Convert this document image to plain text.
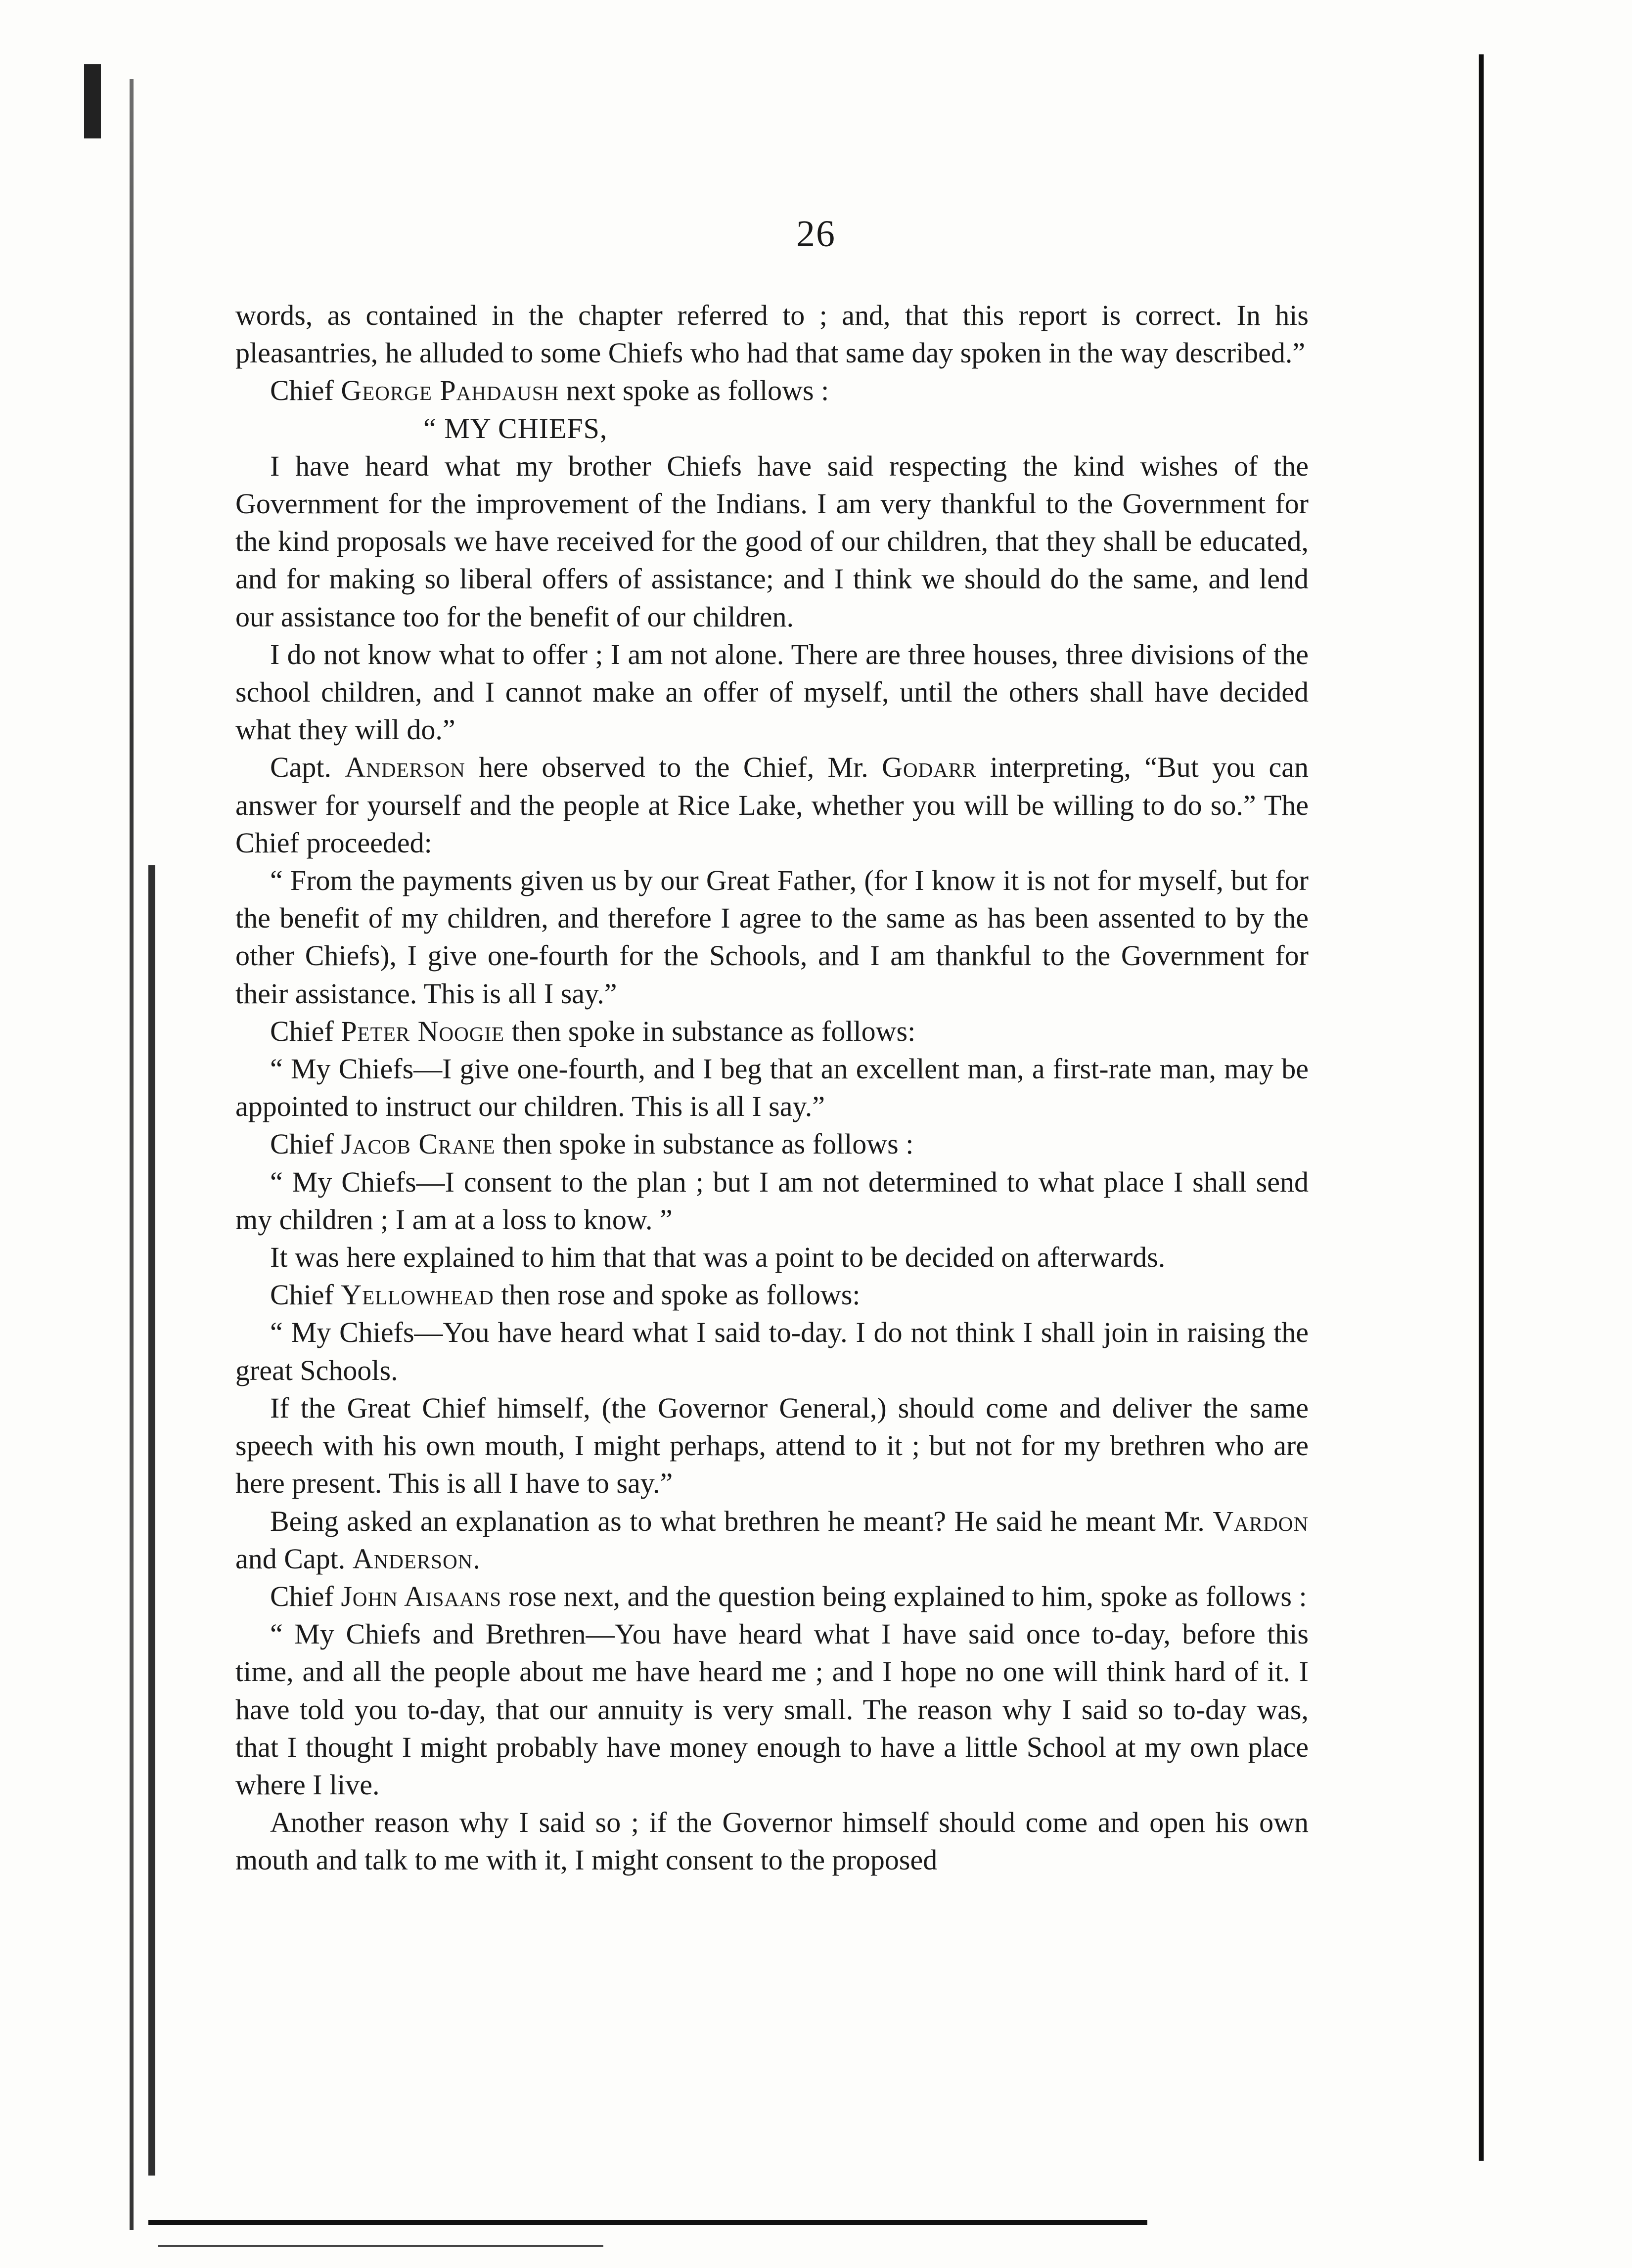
26

words, as contained in the chapter referred to ; and, that this report is correct. In his pleasantries, he alluded to some Chiefs who had that same day spoken in the way described.”

Chief George Pahdaush next spoke as follows :

“ MY CHIEFS,

I have heard what my brother Chiefs have said respecting the kind wishes of the Government for the improvement of the Indians. I am very thankful to the Government for the kind proposals we have received for the good of our children, that they shall be educated, and for making so liberal offers of assistance; and I think we should do the same, and lend our assistance too for the benefit of our children.

I do not know what to offer ; I am not alone. There are three houses, three divisions of the school children, and I cannot make an offer of myself, until the others shall have decided what they will do.”

Capt. Anderson here observed to the Chief, Mr. Godarr interpreting, “But you can answer for yourself and the people at Rice Lake, whether you will be willing to do so.” The Chief proceeded:

“ From the payments given us by our Great Father, (for I know it is not for myself, but for the benefit of my children, and therefore I agree to the same as has been assented to by the other Chiefs), I give one-fourth for the Schools, and I am thankful to the Government for their assistance. This is all I say.”

Chief Peter Noogie then spoke in substance as follows:

“ My Chiefs—I give one-fourth, and I beg that an excellent man, a first-rate man, may be appointed to instruct our children. This is all I say.”

Chief Jacob Crane then spoke in substance as follows :

“ My Chiefs—I consent to the plan ; but I am not determined to what place I shall send my children ; I am at a loss to know. ”

It was here explained to him that that was a point to be decided on afterwards.

Chief Yellowhead then rose and spoke as follows:

“ My Chiefs—You have heard what I said to-day. I do not think I shall join in raising the great Schools.

If the Great Chief himself, (the Governor General,) should come and deliver the same speech with his own mouth, I might perhaps, attend to it ; but not for my brethren who are here present. This is all I have to say.”

Being asked an explanation as to what brethren he meant? He said he meant Mr. Vardon and Capt. Anderson.

Chief John Aisaans rose next, and the question being explained to him, spoke as follows :

“ My Chiefs and Brethren—You have heard what I have said once to-day, before this time, and all the people about me have heard me ; and I hope no one will think hard of it. I have told you to-day, that our annuity is very small. The reason why I said so to-day was, that I thought I might probably have money enough to have a little School at my own place where I live.

Another reason why I said so ; if the Governor himself should come and open his own mouth and talk to me with it, I might consent to the proposed
